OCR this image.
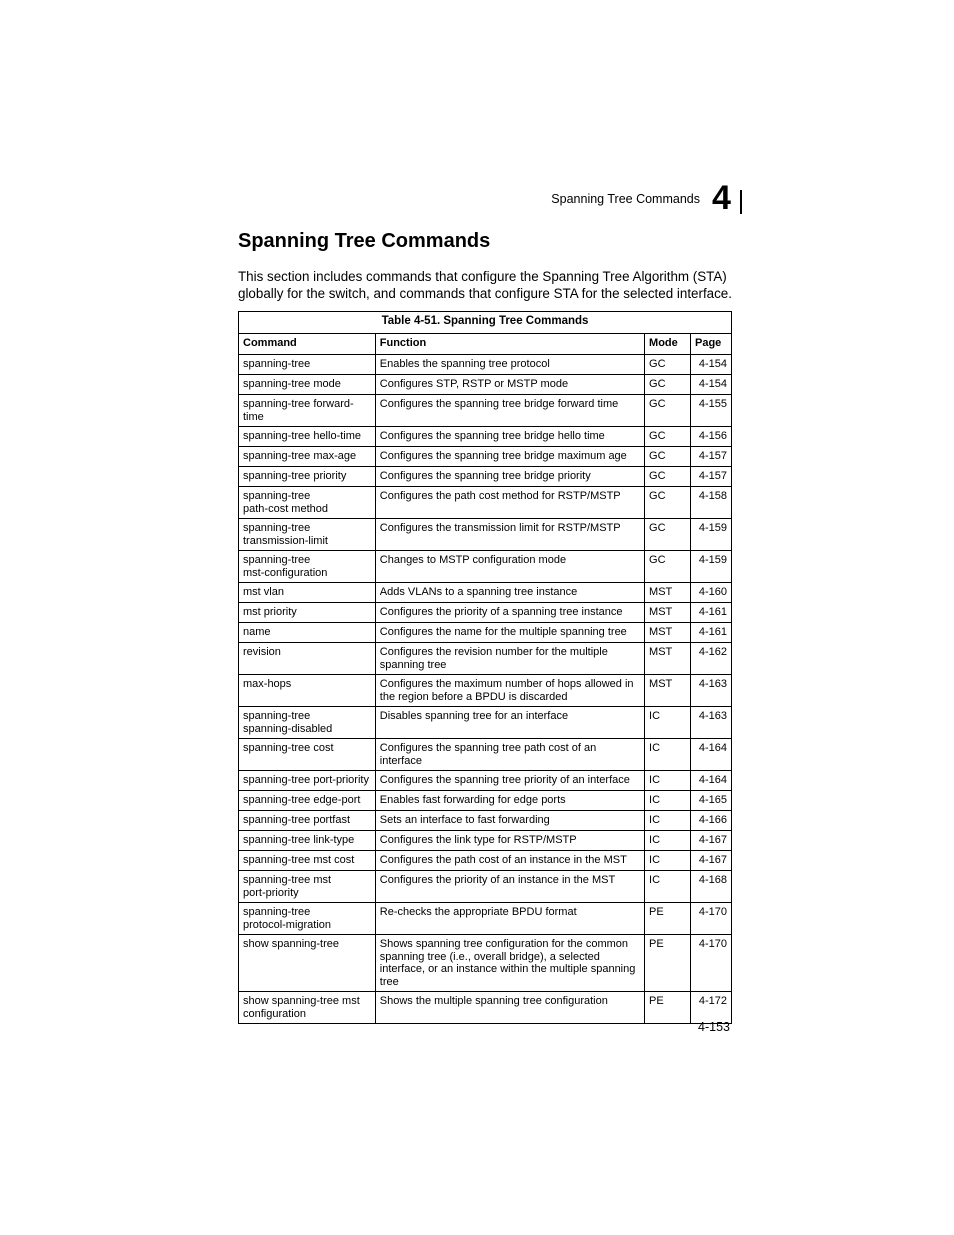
Spanning Tree Commands 4
Spanning Tree Commands

This section includes commands that configure the Spanning Tree Algorithm (STA) globally for the switch, and commands that configure STA for the selected interface.

Table 4-51. Spanning Tree Commands			
Command	Function	Mode	Page
spanning-tree	Enables the spanning tree protocol	GC	4-154
spanning-tree mode	Configures STP, RSTP or MSTP mode	GC	4-154
spanning-tree forward-time	Configures the spanning tree bridge forward time	GC	4-155
spanning-tree hello-time	Configures the spanning tree bridge hello time	GC	4-156
spanning-tree max-age	Configures the spanning tree bridge maximum age	GC	4-157
spanning-tree priority	Configures the spanning tree bridge priority	GC	4-157
spanning-tree
path-cost method	Configures the path cost method for RSTP/MSTP	GC	4-158
spanning-tree
transmission-limit	Configures the transmission limit for RSTP/MSTP	GC	4-159
spanning-tree
mst-configuration	Changes to MSTP configuration mode	GC	4-159
mst vlan	Adds VLANs to a spanning tree instance	MST	4-160
mst priority	Configures the priority of a spanning tree instance	MST	4-161
name	Configures the name for the multiple spanning tree	MST	4-161
revision	Configures the revision number for the multiple spanning tree	MST	4-162
max-hops	Configures the maximum number of hops allowed in the region before a BPDU is discarded	MST	4-163
spanning-tree
spanning-disabled	Disables spanning tree for an interface	IC	4-163
spanning-tree cost	Configures the spanning tree path cost of an interface	IC	4-164
spanning-tree port-priority	Configures the spanning tree priority of an interface	IC	4-164
spanning-tree edge-port	Enables fast forwarding for edge ports	IC	4-165
spanning-tree portfast	Sets an interface to fast forwarding	IC	4-166
spanning-tree link-type	Configures the link type for RSTP/MSTP	IC	4-167
spanning-tree mst cost	Configures the path cost of an instance in the MST	IC	4-167
spanning-tree mst
port-priority	Configures the priority of an instance in the MST	IC	4-168
spanning-tree
protocol-migration	Re-checks the appropriate BPDU format	PE	4-170
show spanning-tree	Shows spanning tree configuration for the common spanning tree (i.e., overall bridge), a selected interface, or an instance within the multiple spanning tree	PE	4-170
show spanning-tree mst configuration	Shows the multiple spanning tree configuration	PE	4-172
4-153
